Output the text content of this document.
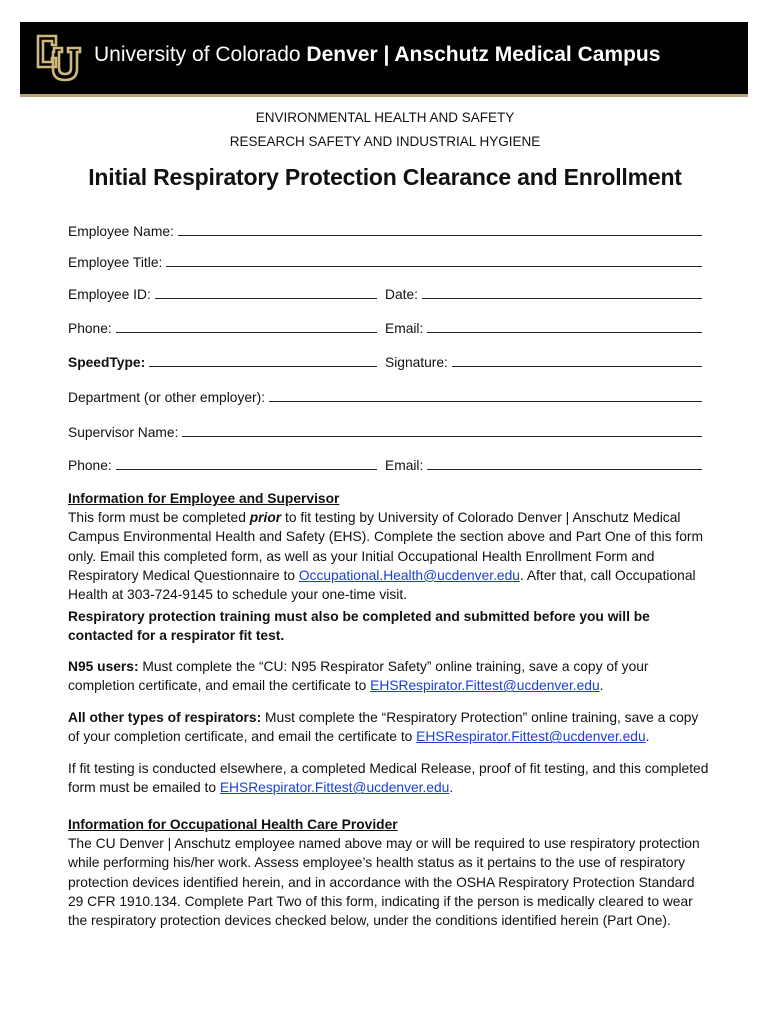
University of Colorado Denver | Anschutz Medical Campus
ENVIRONMENTAL HEALTH AND SAFETY
RESEARCH SAFETY AND INDUSTRIAL HYGIENE
Initial Respiratory Protection Clearance and Enrollment
Employee Name:
Employee Title:
Employee ID:	Date:
Phone:	Email:
SpeedType:	Signature:
Department (or other employer):
Supervisor Name:
Phone:	Email:
Information for Employee and Supervisor
This form must be completed prior to fit testing by University of Colorado Denver | Anschutz Medical Campus Environmental Health and Safety (EHS). Complete the section above and Part One of this form only. Email this completed form, as well as your Initial Occupational Health Enrollment Form and Respiratory Medical Questionnaire to Occupational.Health@ucdenver.edu. After that, call Occupational Health at 303-724-9145 to schedule your one-time visit.
Respiratory protection training must also be completed and submitted before you will be contacted for a respirator fit test.
N95 users: Must complete the “CU: N95 Respirator Safety” online training, save a copy of your completion certificate, and email the certificate to EHSRespirator.Fittest@ucdenver.edu.
All other types of respirators: Must complete the “Respiratory Protection” online training, save a copy of your completion certificate, and email the certificate to EHSRespirator.Fittest@ucdenver.edu.
If fit testing is conducted elsewhere, a completed Medical Release, proof of fit testing, and this completed form must be emailed to EHSRespirator.Fittest@ucdenver.edu.
Information for Occupational Health Care Provider
The CU Denver | Anschutz employee named above may or will be required to use respiratory protection while performing his/her work. Assess employee’s health status as it pertains to the use of respiratory protection devices identified herein, and in accordance with the OSHA Respiratory Protection Standard 29 CFR 1910.134. Complete Part Two of this form, indicating if the person is medically cleared to wear the respiratory protection devices checked below, under the conditions identified herein (Part One).
